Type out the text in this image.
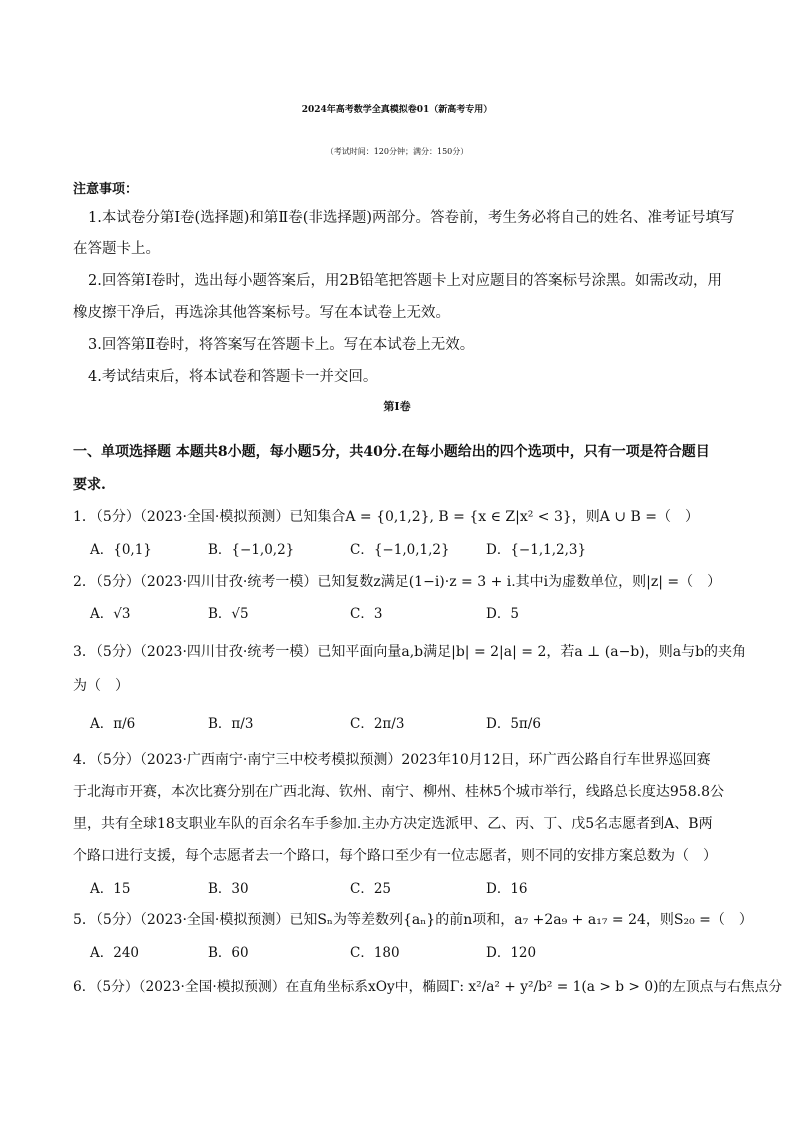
2024年高考数学全真模拟卷01（新高考专用）
（考试时间：120分钟；满分：150分）
注意事项：
1.本试卷分第Ⅰ卷(选择题)和第Ⅱ卷(非选择题)两部分。答卷前，考生务必将自己的姓名、准考证号填写
在答题卡上。
2.回答第Ⅰ卷时，选出每小题答案后，用2B铅笔把答题卡上对应题目的答案标号涂黑。如需改动，用
橡皮擦干净后，再选涂其他答案标号。写在本试卷上无效。
3.回答第Ⅱ卷时，将答案写在答题卡上。写在本试卷上无效。
4.考试结束后，将本试卷和答题卡一并交回。
第Ⅰ卷
一、单项选择题 本题共8小题，每小题5分，共40分.在每小题给出的四个选项中，只有一项是符合题目
要求.
1．（5分）（2023·全国·模拟预测）已知集合A = {0,1,2}, B = {x ∈ Z|x² < 3}，则A ∪ B =（　）
A．{0,1}	B．{−1,0,2}	C．{−1,0,1,2}	D．{−1,1,2,3}
2．（5分）（2023·四川甘孜·统考一模）已知复数z满足(1−i)·z = 3 + i.其中i为虚数单位，则|z| =（　）
A．√3	B．√5	C．3	D．5
3．（5分）（2023·四川甘孜·统考一模）已知平面向量a,b满足|b| = 2|a| = 2，若a ⊥ (a−b)，则a与b的夹角
为（　）
A．π/6	B．π/3	C．2π/3	D．5π/6
4．（5分）（2023·广西南宁·南宁三中校考模拟预测）2023年10月12日，环广西公路自行车世界巡回赛
于北海市开赛，本次比赛分别在广西北海、钦州、南宁、柳州、桂林5个城市举行，线路总长度达958.8公
里，共有全球18支职业车队的百余名车手参加.主办方决定选派甲、乙、丙、丁、戊5名志愿者到A、B两
个路口进行支援，每个志愿者去一个路口，每个路口至少有一位志愿者，则不同的安排方案总数为（　）
A．15	B．30	C．25	D．16
5．（5分）（2023·全国·模拟预测）已知Sₙ为等差数列{aₙ}的前n项和，a₇ +2a₉ + a₁₇ = 24，则S₂₀ =（　）
A．240	B．60	C．180	D．120
6．（5分）（2023·全国·模拟预测）在直角坐标系xOy中，椭圆Γ: x²/a² + y²/b² = 1(a > b > 0)的左顶点与右焦点分
